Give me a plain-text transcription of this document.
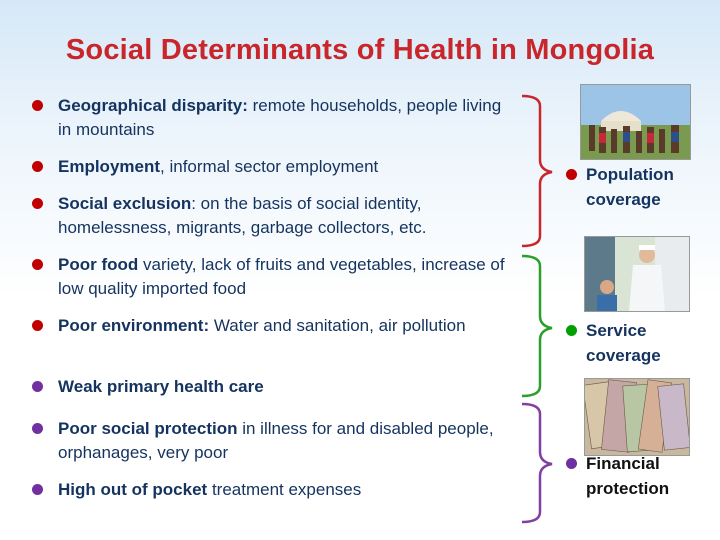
Social Determinants of Health in Mongolia
Geographical disparity: remote households, people living in mountains
Employment, informal sector employment
Social exclusion: on the basis of social identity, homelessness, migrants, garbage collectors, etc.
Poor food variety, lack of fruits and vegetables, increase of low quality imported food
Poor environment: Water and sanitation, air pollution
Weak primary health care
Poor social protection in illness for and disabled people, orphanages, very poor
High out of pocket treatment expenses
Population
coverage
Service
coverage
Financial
protection
